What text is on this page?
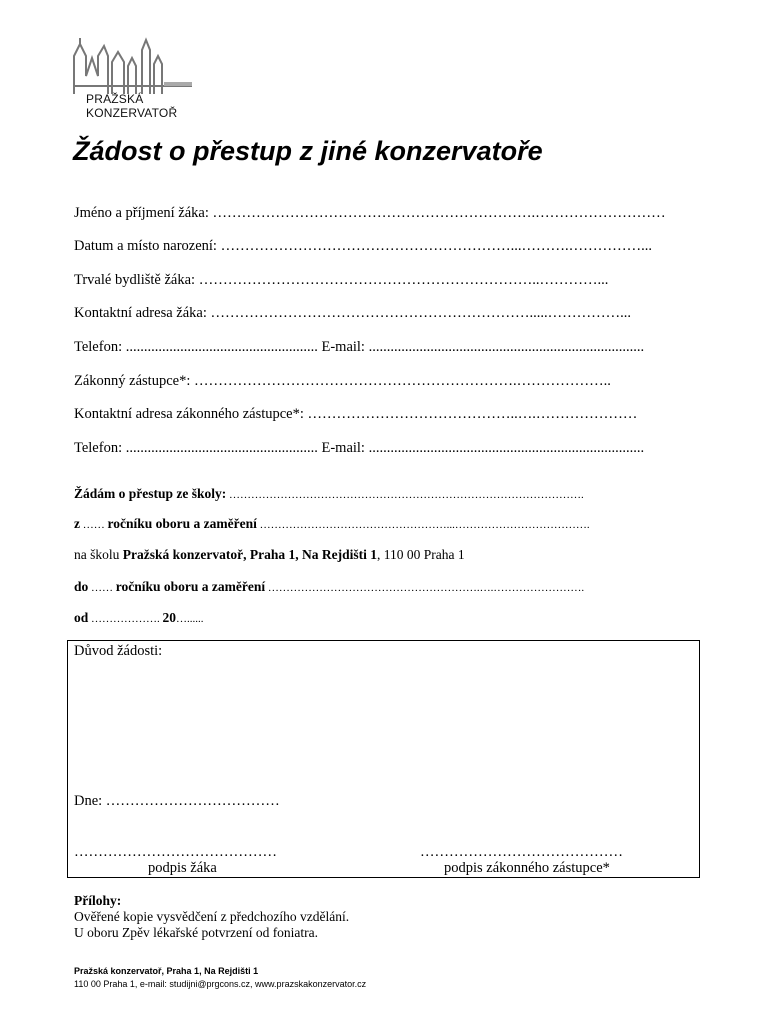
PRAŽSKÁ KONZERVATOŘ
Žádost o přestup z jiné konzervatoře
Jméno a příjmení žáka: ………………………………………………………….………………………
Datum a místo narození: ……………………………………………………...……….……………...
Trvalé bydliště žáka: ……………………………………………………………..…………...
Kontaktní adresa žáka: ………………………………………………………….....……………...
Telefon: ..................................................... E-mail: ............................................................................
Zákonný zástupce*: ………………………………………………………….………………..
Kontaktní adresa zákonného zástupce*: ……………………………………..….…………………
Telefon: ..................................................... E-mail: ............................................................................
Žádám o přestup ze školy: …………………………………………………………………………………….
z …… ročníku oboru a zaměření ……………………………………………...……………………………….
na školu Pražská konzervatoř, Praha 1, Na Rejdišti 1, 110 00 Praha 1
do …… ročníku oboru a zaměření ………………………………………………….….…………………….
od ………………. 20…......
Důvod žádosti:
Dne: ………………………………
……………………………………
podpis žáka
……………………………………
podpis zákonného zástupce*
Přílohy:
Ověřené kopie vysvědčení z předchozího vzdělání.
U oboru Zpěv lékařské potvrzení od foniatra.
Pražská konzervatoř, Praha 1, Na Rejdišti 1
110 00 Praha 1, e-mail: studijni@prgcons.cz, www.prazskakonzervator.cz
